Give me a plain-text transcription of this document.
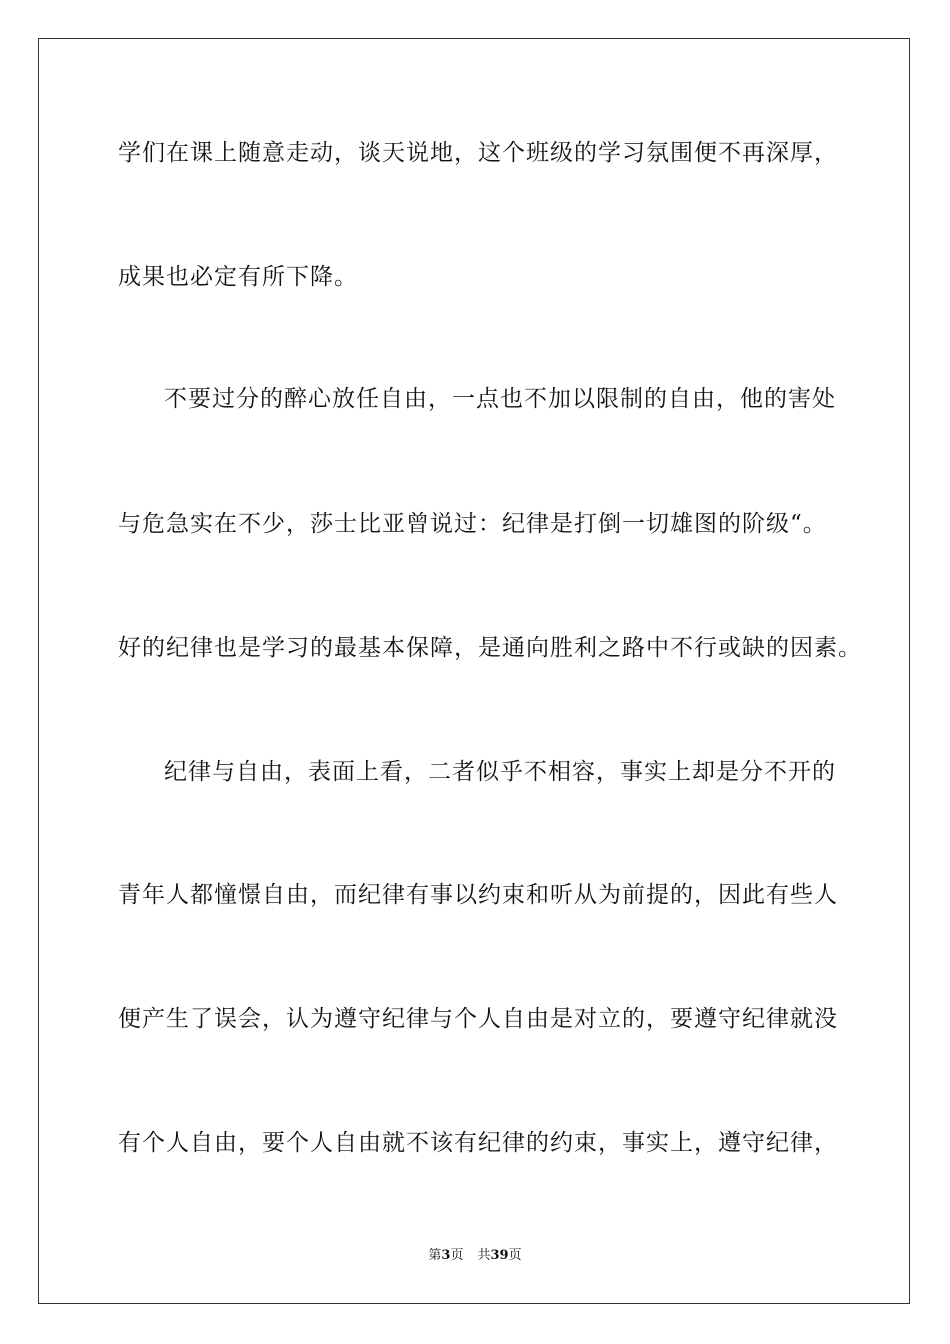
学们在课上随意走动，谈天说地，这个班级的学习氛围便不再深厚，
成果也必定有所下降。
不要过分的醉心放任自由，一点也不加以限制的自由，他的害处
与危急实在不少，莎士比亚曾说过：纪律是打倒一切雄图的阶级“。
好的纪律也是学习的最基本保障，是通向胜利之路中不行或缺的因素。
纪律与自由，表面上看，二者似乎不相容，事实上却是分不开的
青年人都憧憬自由，而纪律有事以约束和听从为前提的，因此有些人
便产生了误会，认为遵守纪律与个人自由是对立的，要遵守纪律就没
有个人自由，要个人自由就不该有纪律的约束，事实上，遵守纪律，
第3页 共39页
